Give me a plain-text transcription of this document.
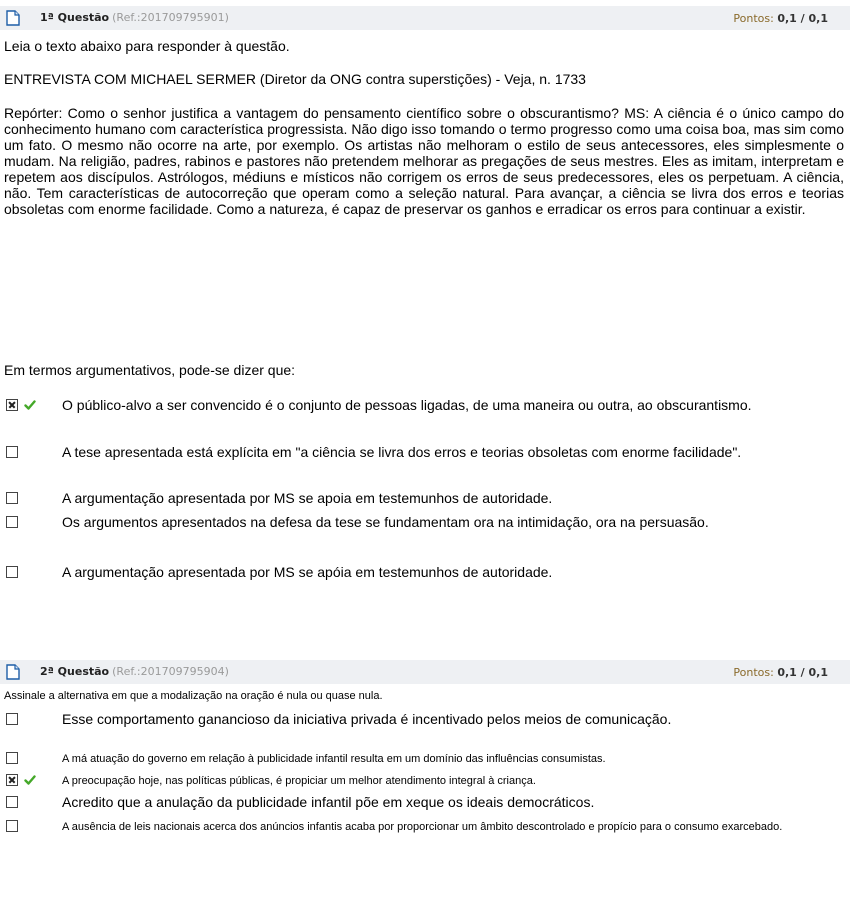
1ª Questão (Ref.:201709795901)	Pontos: 0,1 / 0,1
Leia o texto abaixo para responder à questão.
ENTREVISTA COM MICHAEL SERMER (Diretor da ONG contra superstições) - Veja, n. 1733
Repórter: Como o senhor justifica a vantagem do pensamento científico sobre o obscurantismo? MS: A ciência é o único campo do conhecimento humano com característica progressista. Não digo isso tomando o termo progresso como uma coisa boa, mas sim como um fato. O mesmo não ocorre na arte, por exemplo. Os artistas não melhoram o estilo de seus antecessores, eles simplesmente o mudam. Na religião, padres, rabinos e pastores não pretendem melhorar as pregações de seus mestres. Eles as imitam, interpretam e repetem aos discípulos. Astrólogos, médiuns e místicos não corrigem os erros de seus predecessores, eles os perpetuam. A ciência, não. Tem características de autocorreção que operam como a seleção natural. Para avançar, a ciência se livra dos erros e teorias obsoletas com enorme facilidade. Como a natureza, é capaz de preservar os ganhos e erradicar os erros para continuar a existir.
Em termos argumentativos, pode-se dizer que:
O público-alvo a ser convencido é o conjunto de pessoas ligadas, de uma maneira ou outra, ao obscurantismo.
A tese apresentada está explícita em "a ciência se livra dos erros e teorias obsoletas com enorme facilidade".
A argumentação apresentada por MS se apoia em testemunhos de autoridade.
Os argumentos apresentados na defesa da tese se fundamentam ora na intimidação, ora na persuasão.
A argumentação apresentada por MS se apóia em testemunhos de autoridade.
2ª Questão (Ref.:201709795904)	Pontos: 0,1 / 0,1
Assinale a alternativa em que a modalização na oração é nula ou quase nula.
Esse comportamento ganancioso da iniciativa privada é incentivado pelos meios de comunicação.
A má atuação do governo em relação à publicidade infantil resulta em um domínio das influências consumistas.
A preocupação hoje, nas políticas públicas, é propiciar um melhor atendimento integral à criança.
Acredito que a anulação da publicidade infantil põe em xeque os ideais democráticos.
A ausência de leis nacionais acerca dos anúncios infantis acaba por proporcionar um âmbito descontrolado e propício para o consumo exarcebado.
